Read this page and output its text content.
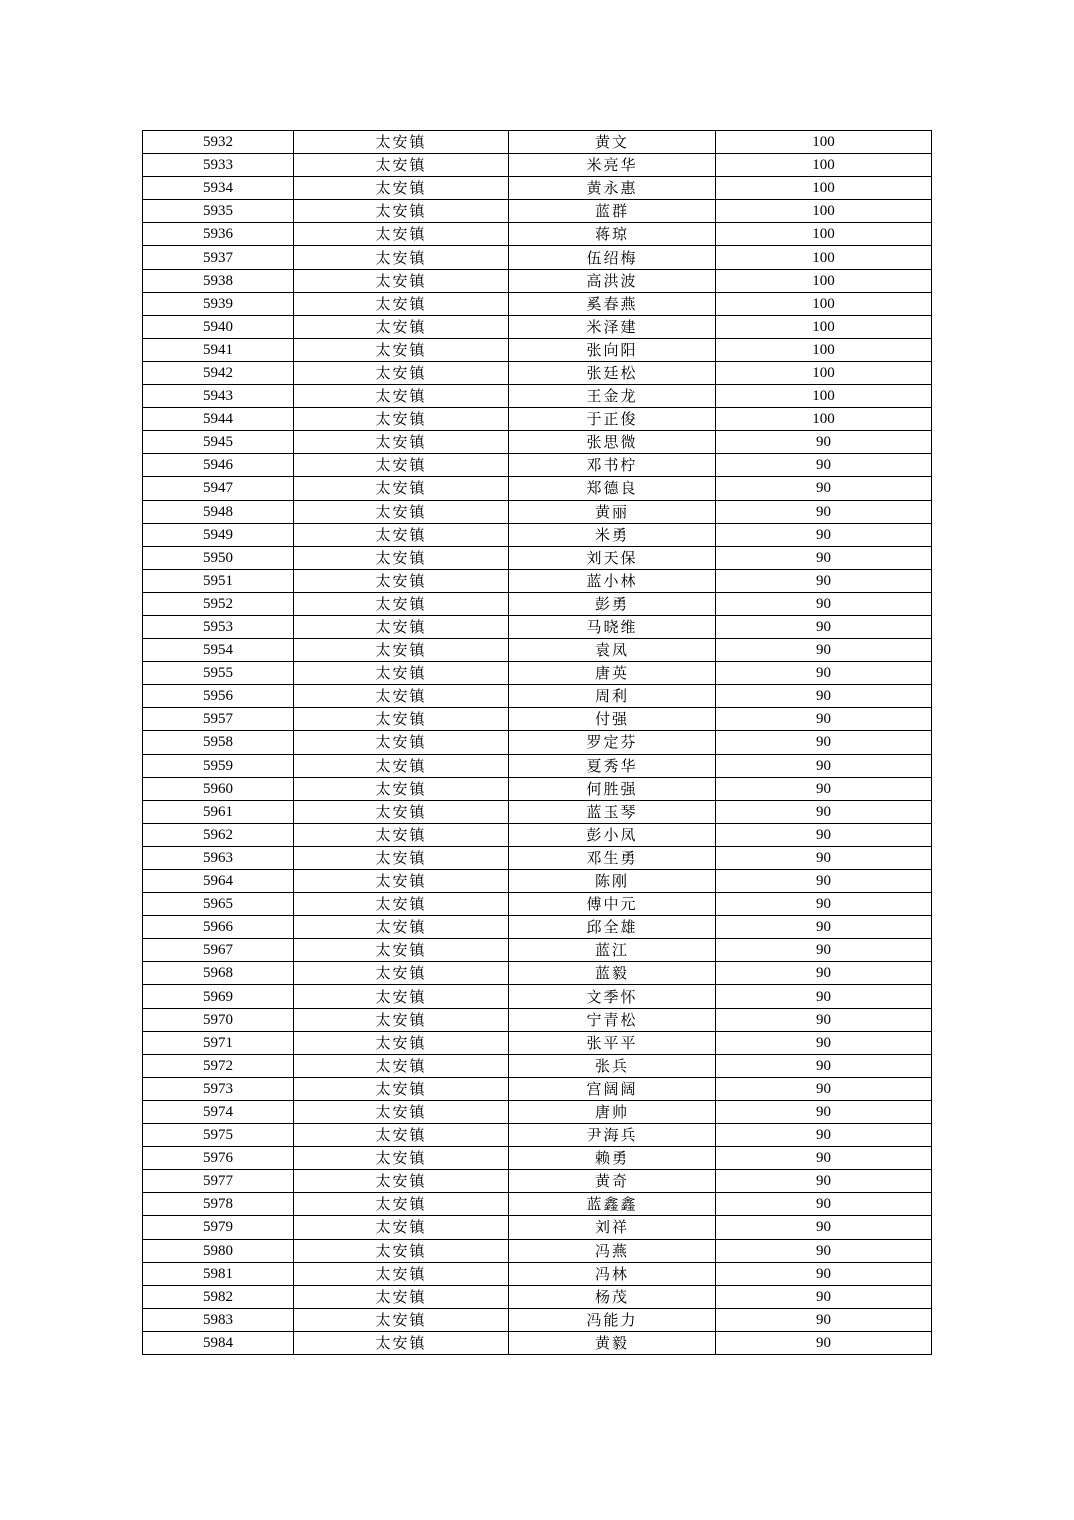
5932	太安镇	黄文	100
5933	太安镇	米亮华	100
5934	太安镇	黄永惠	100
5935	太安镇	蓝群	100
5936	太安镇	蒋琼	100
5937	太安镇	伍绍梅	100
5938	太安镇	高洪波	100
5939	太安镇	奚春燕	100
5940	太安镇	米泽建	100
5941	太安镇	张向阳	100
5942	太安镇	张廷松	100
5943	太安镇	王金龙	100
5944	太安镇	于正俊	100
5945	太安镇	张思微	90
5946	太安镇	邓书柠	90
5947	太安镇	郑德良	90
5948	太安镇	黄丽	90
5949	太安镇	米勇	90
5950	太安镇	刘天保	90
5951	太安镇	蓝小林	90
5952	太安镇	彭勇	90
5953	太安镇	马晓维	90
5954	太安镇	袁凤	90
5955	太安镇	唐英	90
5956	太安镇	周利	90
5957	太安镇	付强	90
5958	太安镇	罗定芬	90
5959	太安镇	夏秀华	90
5960	太安镇	何胜强	90
5961	太安镇	蓝玉琴	90
5962	太安镇	彭小凤	90
5963	太安镇	邓生勇	90
5964	太安镇	陈刚	90
5965	太安镇	傅中元	90
5966	太安镇	邱全雄	90
5967	太安镇	蓝江	90
5968	太安镇	蓝毅	90
5969	太安镇	文季怀	90
5970	太安镇	宁青松	90
5971	太安镇	张平平	90
5972	太安镇	张兵	90
5973	太安镇	宫阔阔	90
5974	太安镇	唐帅	90
5975	太安镇	尹海兵	90
5976	太安镇	赖勇	90
5977	太安镇	黄奇	90
5978	太安镇	蓝鑫鑫	90
5979	太安镇	刘祥	90
5980	太安镇	冯燕	90
5981	太安镇	冯林	90
5982	太安镇	杨茂	90
5983	太安镇	冯能力	90
5984	太安镇	黄毅	90
